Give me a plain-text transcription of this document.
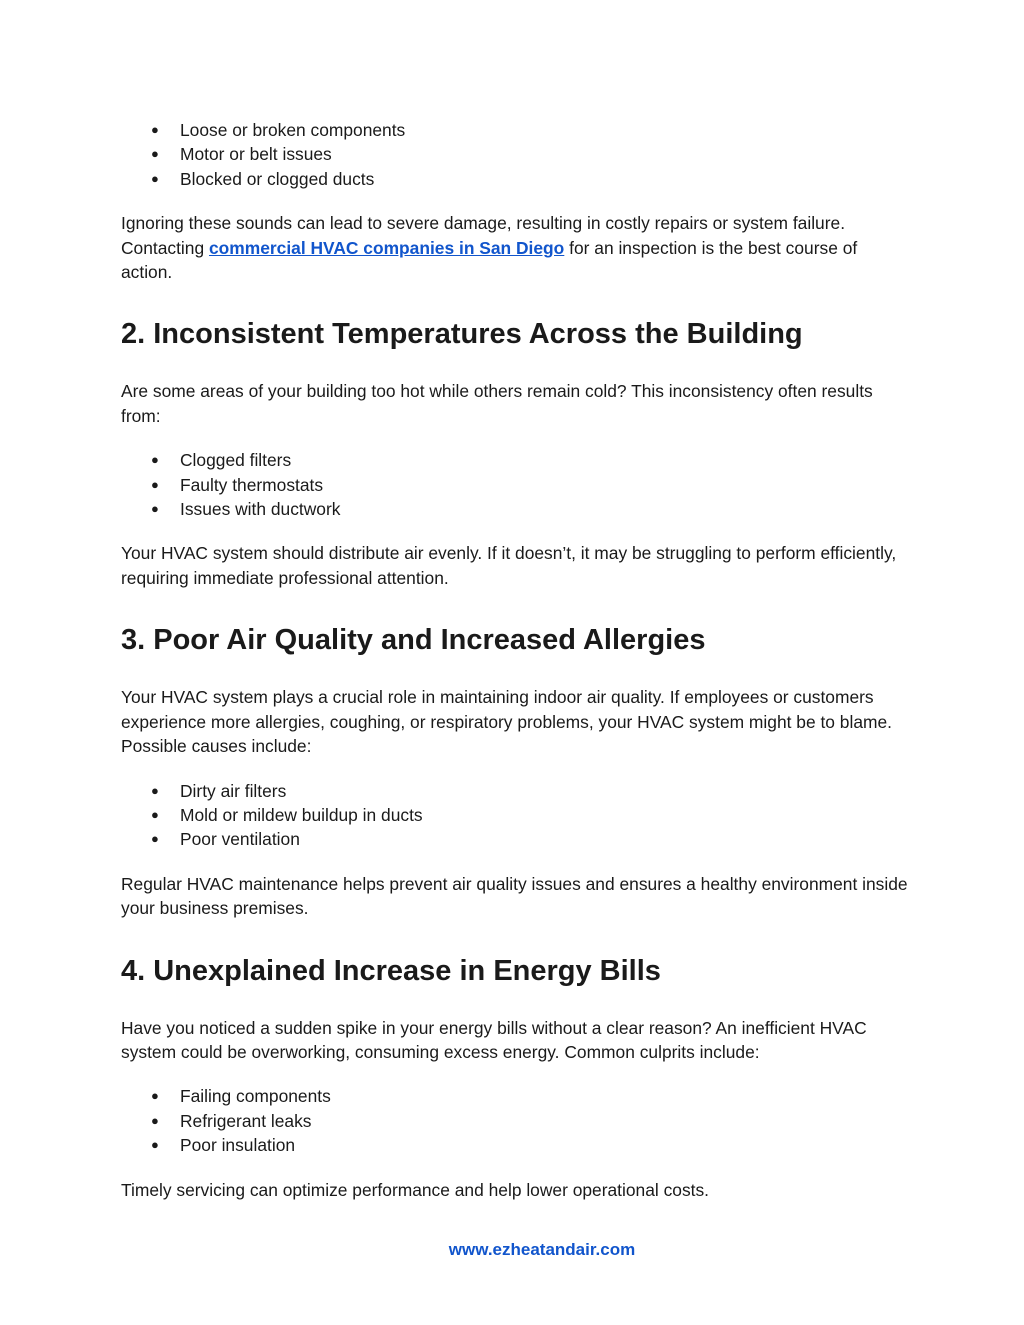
● Loose or broken components
● Motor or belt issues
● Blocked or clogged ducts

Ignoring these sounds can lead to severe damage, resulting in costly repairs or system failure. Contacting commercial HVAC companies in San Diego for an inspection is the best course of action.

2. Inconsistent Temperatures Across the Building

Are some areas of your building too hot while others remain cold? This inconsistency often results from:

● Clogged filters
● Faulty thermostats
● Issues with ductwork

Your HVAC system should distribute air evenly. If it doesn’t, it may be struggling to perform efficiently, requiring immediate professional attention.

3. Poor Air Quality and Increased Allergies

Your HVAC system plays a crucial role in maintaining indoor air quality. If employees or customers experience more allergies, coughing, or respiratory problems, your HVAC system might be to blame. Possible causes include:

● Dirty air filters
● Mold or mildew buildup in ducts
● Poor ventilation

Regular HVAC maintenance helps prevent air quality issues and ensures a healthy environment inside your business premises.

4. Unexplained Increase in Energy Bills

Have you noticed a sudden spike in your energy bills without a clear reason? An inefficient HVAC system could be overworking, consuming excess energy. Common culprits include:

● Failing components
● Refrigerant leaks
● Poor insulation

Timely servicing can optimize performance and help lower operational costs.

www.ezheatandair.com
